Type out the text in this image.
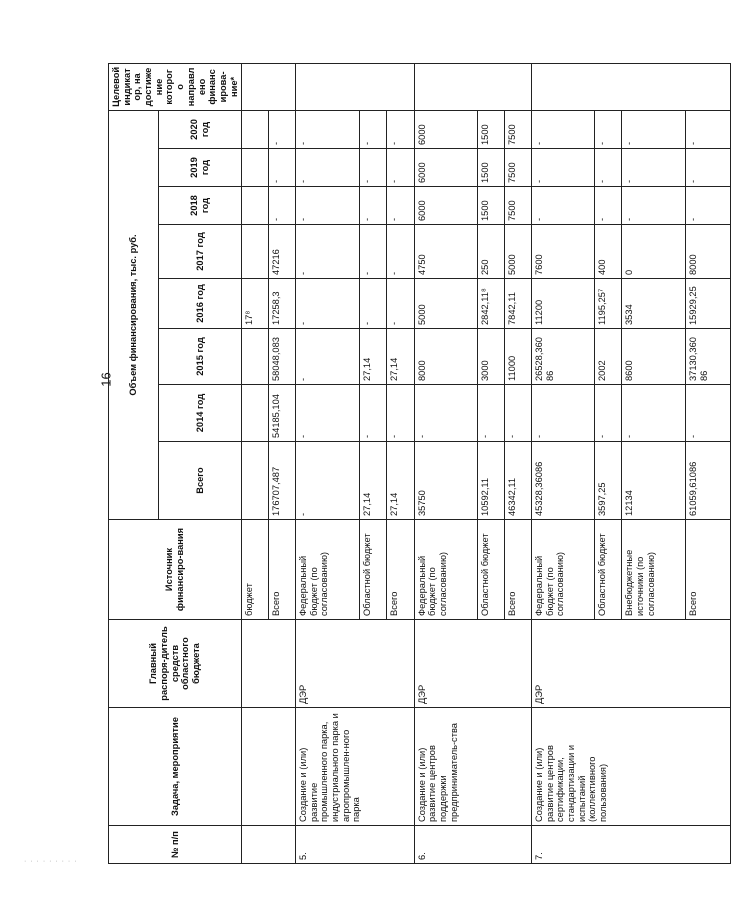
16
· · · · · · · · ·
№ п/п	Задача, мероприятие	Главный распоря-дитель средств областного бюджета	Источник финансиро-вания	Объем финансирования, тыс. руб.								Целевой индикатор, на достижение которого направлено финансирова-ние*
				Всего	2014 год	2015 год	2016 год	2017 год	2018 год	2019 год	2020 год	
			бюджет				17⁸					
			Всего	176707,487	54185,104	58048,083	17258,3	47216	-	-	-	
5.	Создание и (или) развитие промышленного парка, индустриального парка и агропромышлен-ного парка	ДЭР	Федеральный бюджет (по согласованию)	-	-	-	-	-	-	-	-	
			Областной бюджет	27,14	-	27,14	-	-	-	-	-	
			Всего	27,14	-	27,14	-	-	-	-	-	
6.	Создание и (или) развитие центров поддержки предприниматель-ства	ДЭР	Федеральный бюджет (по согласованию)	35750	-	8000	5000	4750	6000	6000	6000	
			Областной бюджет	10592,11	-	3000	2842,11⁸	250	1500	1500	1500	
			Всего	46342,11	-	11000	7842,11	5000	7500	7500	7500	
7.	Создание и (или) развитие центров сертификации, стандартизации и испытаний (коллективного пользования)	ДЭР	Федеральный бюджет (по согласованию)	45328,36086	-	26528,36086	11200	7600	-	-	-	
			Областной бюджет	3597,25	-	2002	1195,25⁷	400	-	-	-	
			Внебюджетные источники (по согласованию)	12134	-	8600	3534	0	-	-	-	
			Всего	61059,61086	-	37130,36086	15929,25	8000	-	-	-	
